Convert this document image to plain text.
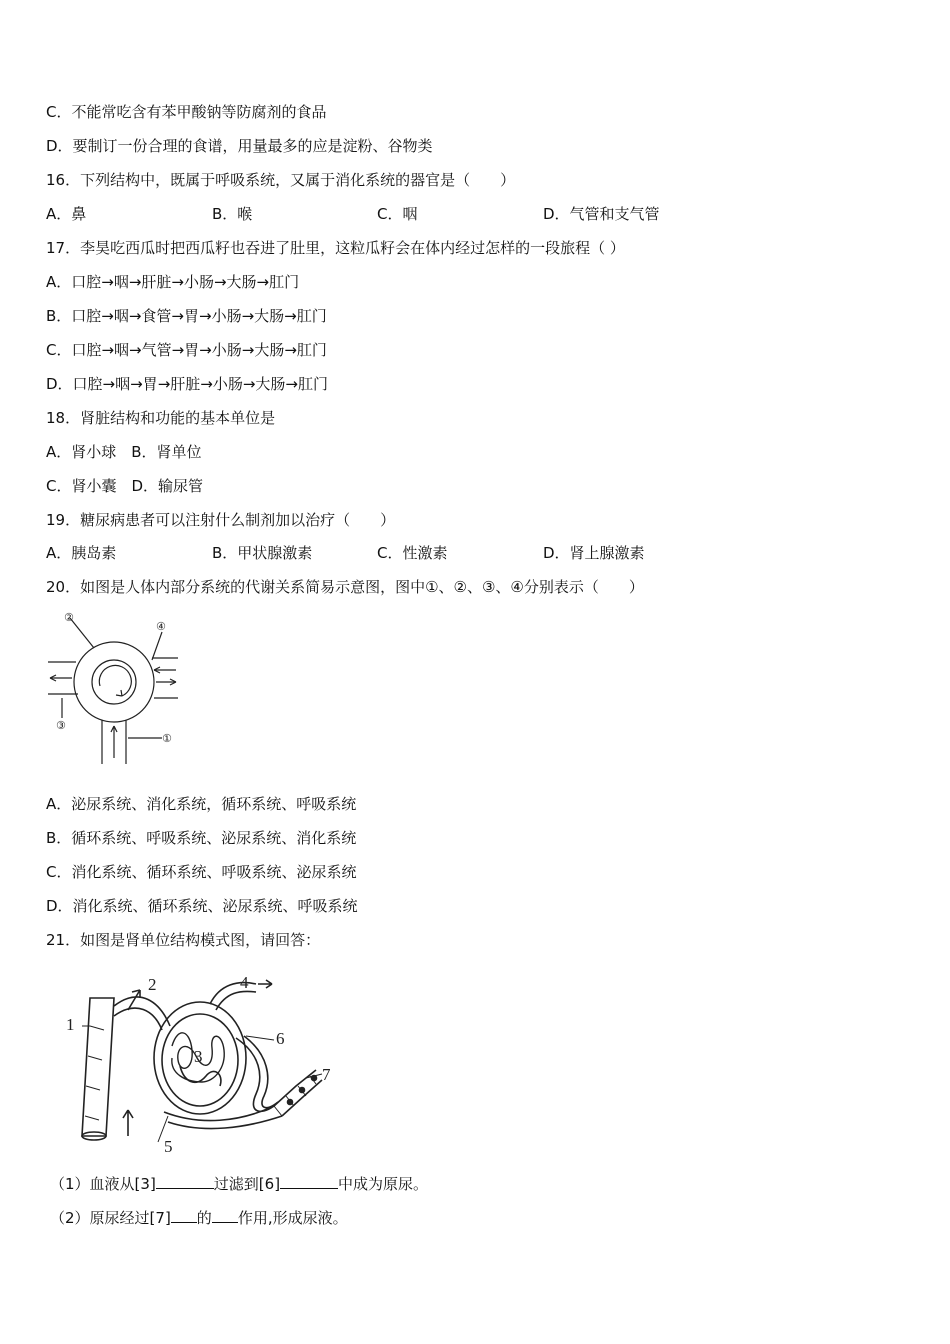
C．不能常吃含有苯甲酸钠等防腐剂的食品
D．要制订一份合理的食谱，用量最多的应是淀粉、谷物类
16．下列结构中，既属于呼吸系统，又属于消化系统的器官是（　　）
A．鼻	B．喉	C．咽	D．气管和支气管
17．李昊吃西瓜时把西瓜籽也吞进了肚里，这粒瓜籽会在体内经过怎样的一段旅程（ ）
A．口腔→咽→肝脏→小肠→大肠→肛门
B．口腔→咽→食管→胃→小肠→大肠→肛门
C．口腔→咽→气管→胃→小肠→大肠→肛门
D．口腔→咽→胃→肝脏→小肠→大肠→肛门
18．肾脏结构和功能的基本单位是
A．肾小球　B．肾单位
C．肾小囊　D．输尿管
19．糖尿病患者可以注射什么制剂加以治疗（　　）
A．胰岛素	B．甲状腺激素	C．性激素	D．肾上腺激素
20．如图是人体内部分系统的代谢关系简易示意图，图中①、②、③、④分别表示（　　）
②
④
③
①
A．泌尿系统、消化系统，循环系统、呼吸系统
B．循环系统、呼吸系统、泌尿系统、消化系统
C．消化系统、循环系统、呼吸系统、泌尿系统
D．消化系统、循环系统、泌尿系统、呼吸系统
21．如图是肾单位结构模式图，请回答：
1
2
3
4
5
6
7
（1）血液从[3]	过滤到[6]	中成为原尿。
（2）原尿经过[7] 的 作用,形成尿液。
